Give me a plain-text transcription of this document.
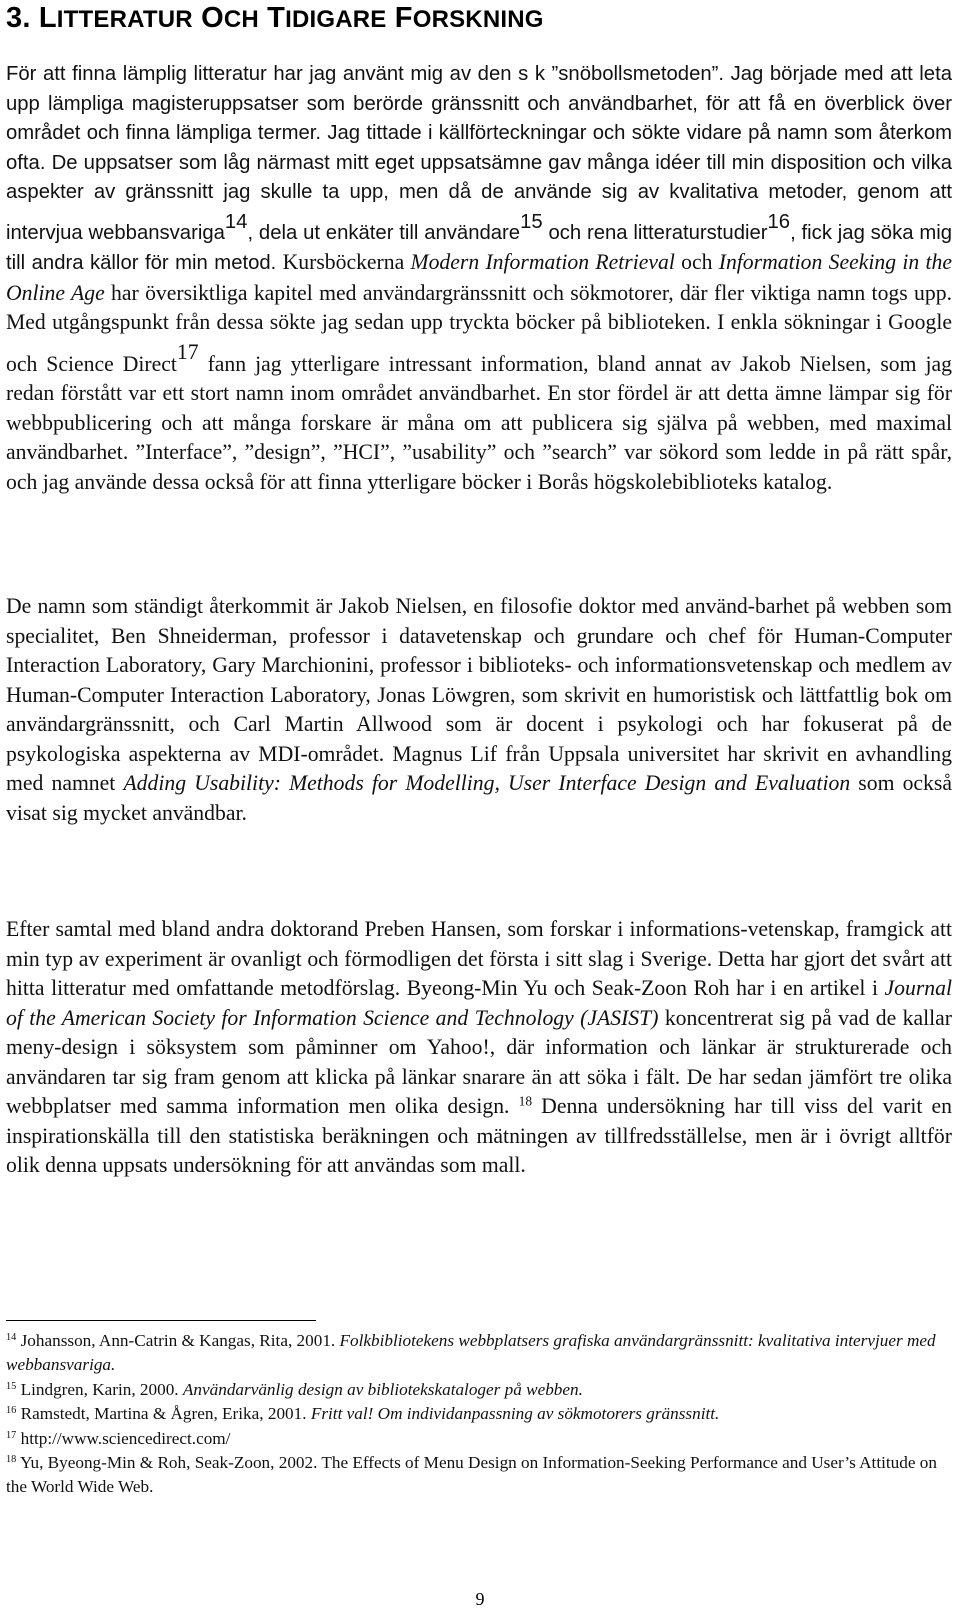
3. LITTERATUR OCH TIDIGARE FORSKNING

För att finna lämplig litteratur har jag använt mig av den s k ”snöbollsmetoden”. Jag började med att leta upp lämpliga magisteruppsatser som berörde gränssnitt och användbarhet, för att få en överblick över området och finna lämpliga termer. Jag tittade i källförteckningar och sökte vidare på namn som återkom ofta. De uppsatser som låg närmast mitt eget uppsatsämne gav många idéer till min disposition och vilka aspekter av gränssnitt jag skulle ta upp, men då de använde sig av kvalitativa metoder, genom att intervjua webbansvariga$^{14}$, dela ut enkäter till användare$^{15}$ och rena litteraturstudier$^{16}$, fick jag söka mig till andra källor för min metod. Kursböckerna Modern Information Retrieval och Information Seeking in the Online Age har översiktliga kapitel med användargränssnitt och sökmotorer, där fler viktiga namn togs upp. Med utgångspunkt från dessa sökte jag sedan upp tryckta böcker på biblioteken. I enkla sökningar i Google och Science Direct$^{17}$ fann jag ytterligare intressant information, bland annat av Jakob Nielsen, som jag redan förstått var ett stort namn inom området användbarhet. En stor fördel är att detta ämne lämpar sig för webbpublicering och att många forskare är måna om att publicera sig själva på webben, med maximal användbarhet. ”Interface”, ”design”, ”HCI”, ”usability” och ”search” var sökord som ledde in på rätt spår, och jag använde dessa också för att finna ytterligare böcker i Borås högskolebiblioteks katalog.

De namn som ständigt återkommit är Jakob Nielsen, en filosofie doktor med använd-barhet på webben som specialitet, Ben Shneiderman, professor i datavetenskap och grundare och chef för Human-Computer Interaction Laboratory, Gary Marchionini, professor i biblioteks- och informationsvetenskap och medlem av Human-Computer Interaction Laboratory, Jonas Löwgren, som skrivit en humoristisk och lättfattlig bok om användargränssnitt, och Carl Martin Allwood som är docent i psykologi och har fokuserat på de psykologiska aspekterna av MDI-området. Magnus Lif från Uppsala universitet har skrivit en avhandling med namnet Adding Usability: Methods for Modelling, User Interface Design and Evaluation som också visat sig mycket användbar.

Efter samtal med bland andra doktorand Preben Hansen, som forskar i informations-vetenskap, framgick att min typ av experiment är ovanligt och förmodligen det första i sitt slag i Sverige. Detta har gjort det svårt att hitta litteratur med omfattande metodförslag. Byeong-Min Yu och Seak-Zoon Roh har i en artikel i Journal of the American Society for Information Science and Technology (JASIST) koncentrerat sig på vad de kallar meny-design i söksystem som påminner om Yahoo!, där information och länkar är strukturerade och användaren tar sig fram genom att klicka på länkar snarare än att söka i fält. De har sedan jämfört tre olika webbplatser med samma information men olika design. $^{18}$ Denna undersökning har till viss del varit en inspirationskälla till den statistiska beräkningen och mätningen av tillfredsställelse, men är i övrigt alltför olik denna uppsats undersökning för att användas som mall.

$^{14}$ Johansson, Ann-Catrin & Kangas, Rita, 2001. Folkbibliotekens webbplatsers grafiska användargränssnitt: kvalitativa intervjuer med webbansvariga.
$^{15}$ Lindgren, Karin, 2000. Användarvänlig design av bibliotekskataloger på webben.
$^{16}$ Ramstedt, Martina & Ågren, Erika, 2001. Fritt val! Om individanpassning av sökmotorers gränssnitt.
$^{17}$ http://www.sciencedirect.com/
$^{18}$ Yu, Byeong-Min & Roh, Seak-Zoon, 2002. The Effects of Menu Design on Information-Seeking Performance and User’s Attitude on the World Wide Web.
9
